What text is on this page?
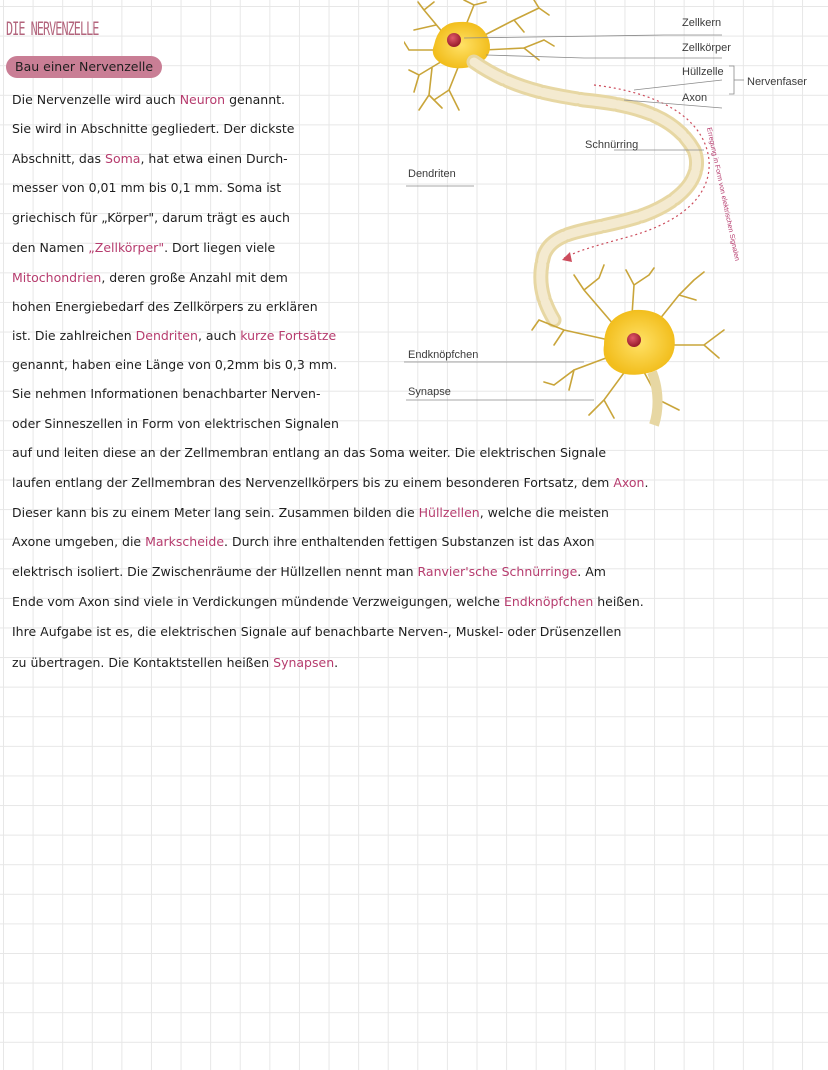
DIE NERVENZELLE
Bau einer Nervenzelle
Die Nervenzelle wird auch Neuron genannt.
Sie wird in Abschnitte gegliedert. Der dickste
Abschnitt, das Soma, hat etwa einen Durch-
messer von 0,01 mm bis 0,1 mm. Soma ist
griechisch für „Körper", darum trägt es auch
den Namen „Zellkörper". Dort liegen viele
Mitochondrien, deren große Anzahl mit dem
hohen Energiebedarf des Zellkörpers zu erklären
ist. Die zahlreichen Dendriten, auch kurze Fortsätze
genannt, haben eine Länge von 0,2mm bis 0,3 mm.
Sie nehmen Informationen benachbarter Nerven-
oder Sinneszellen in Form von elektrischen Signalen
auf und leiten diese an der Zellmembran entlang an das Soma weiter. Die elektrischen Signale
laufen entlang der Zellmembran des Nervenzellkörpers bis zu einem besonderen Fortsatz, dem Axon.
Dieser kann bis zu einem Meter lang sein. Zusammen bilden die Hüllzellen, welche die meisten
Axone umgeben, die Markscheide. Durch ihre enthaltenden fettigen Substanzen ist das Axon
elektrisch isoliert. Die Zwischenräume der Hüllzellen nennt man Ranvier'sche Schnürringe. Am
Ende vom Axon sind viele in Verdickungen mündende Verzweigungen, welche Endknöpfchen heißen.
Ihre Aufgabe ist es, die elektrischen Signale auf benachbarte Nerven-, Muskel- oder Drüsenzellen
zu übertragen. Die Kontaktstellen heißen Synapsen.
Erregung in Form von elektrischen Signalen
Zellkern
Zellkörper
Hüllzelle
Axon
Nervenfaser
Schnürring
Dendriten
Endknöpfchen
Synapse
